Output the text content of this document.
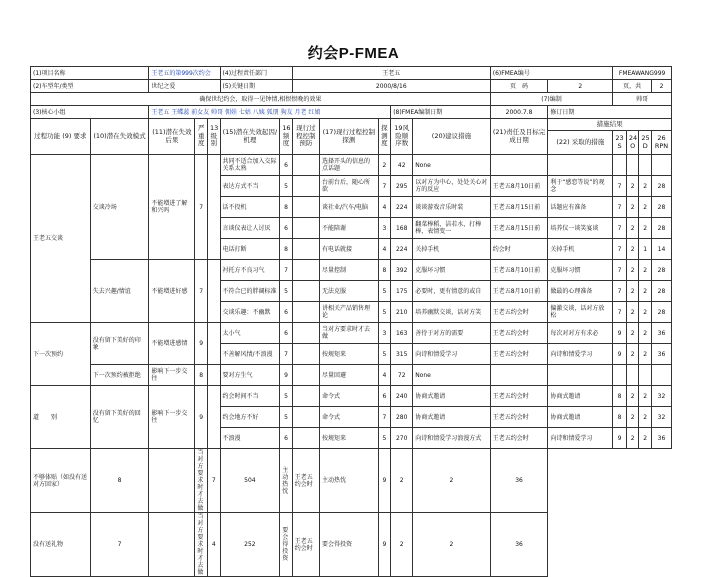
约会P-FMEA
(1)项目名称		王老五的第999次约会			(4)过程责任部门		王老五					(6)FMEA编号		FMEAWANG999			
(2)车型年/类型		世纪之爱			(5)关键日期		2000/8/16					页　码	2	页，共			2
确保世纪约会，取得一见钟情,相恨恨晚的效果												(7)编制		帅哥			
(3)核心小组		王老五 王蝶蕊 前女友 帅哥 佣娃 七姑 八姨 狐朋 狗友 月老 红娘								(8)FMEA编制日期		2000.7.8	修订日期				
过程功能 (9) 要求	(10)潜在失效模式	(11)潜在失效后果	严重度	13级别	(15)潜在失效起因/机理	16频度	现行过程控制预防	(17)现行过程控制探测	探测度	19风险顺序数	(20)建议措施	(21)责任及目标完成日期	措施结果				
													(22) 采取的措施	23 S	24 O	25 D	26 RPN
王老五交谈	交谈冷场	不能增进了解和兴吗	7		共同不适合加入交际关系太熟	6		选择开头的信息的点话题	2	42	None						
					表达方式不当	5		台前台后，随心所欲	7	295	以对方为中心，处处关心对方的反应	王老五8月10日前	利于“感恋等说”的观念	7	2	2	28
					话不投机	8		谈社业/汽车/电脑	4	224	谈谈游戏音乐时装	王老五8月15日前	话题应有准备	7	2	2	28
					言谈仪表让人讨厌	6		不能陪谢	3	168	翻菜棒稻，洁若水，打棒棒，表情变一	王老五8月15日前	培养仪一谈笑宴谈	7	2	2	28
					电话打断	8		有电话就接	4	224	关掉手机	约会时	关掉手机	7	2	1	14
	失去兴趣/情谊	不能增进好感	7		衬托方不良习气	7		尽量控制	8	392	克服坏习惯	王老五8月10日前	克服坏习惯	7	2	2	28
					不符合已的胖阔标准	5		无法克服	5	175	必要时，更有情意的或自	王老五8月10日前	做最的心理准备	7	2	2	28
					交谈乐趣：不幽默	6		讲相关产品销售理论	5	210	培养幽默交谈，话对方笑	王老五约会时	偏激交谈，话对方放松	7	2	2	28
下一次预约	没有留下美好的印象	不能增进感情	9		太小气	6		当对方要求时才去做	3	163	善待于对方的需要	王老五约会时	每次对对方有求必	9	2	2	36
					不善解风情/不浪漫	7		按规矩来	5	315	向诗和情爱学习	王老五约会时	向诗和情爱学习	9	2	2	36
	下一次预约被拒绝	影响下一步交往	8		要对方生气	9		尽量回避	4	72	None						
道　　别	没有留下美好的回忆	影响下一步交往	9		约会时间不当	5		命令式	6	240	协商式邀请	王老五约会时	协商式邀请	8	2	2	32
					约会地方不好	5		命令式	7	280	协商式邀请	王老五约会时	协商式邀请	8	2	2	32
					不浪漫	6		按规矩来	5	270	向诗和情爱学习浪漫方式	王老五约会时	向诗和情爱学习	9	2	2	36
不够体贴（如没有送对方回家）	8		当对方要求时才去做	7	504	主动热忱	王老五约会时	主动热忱	9	2	2	36					
没有送礼物	7		当对方要求时才去做	4	252	要会得投资	王老五约会时	要会得投资	9	2	2	36					
